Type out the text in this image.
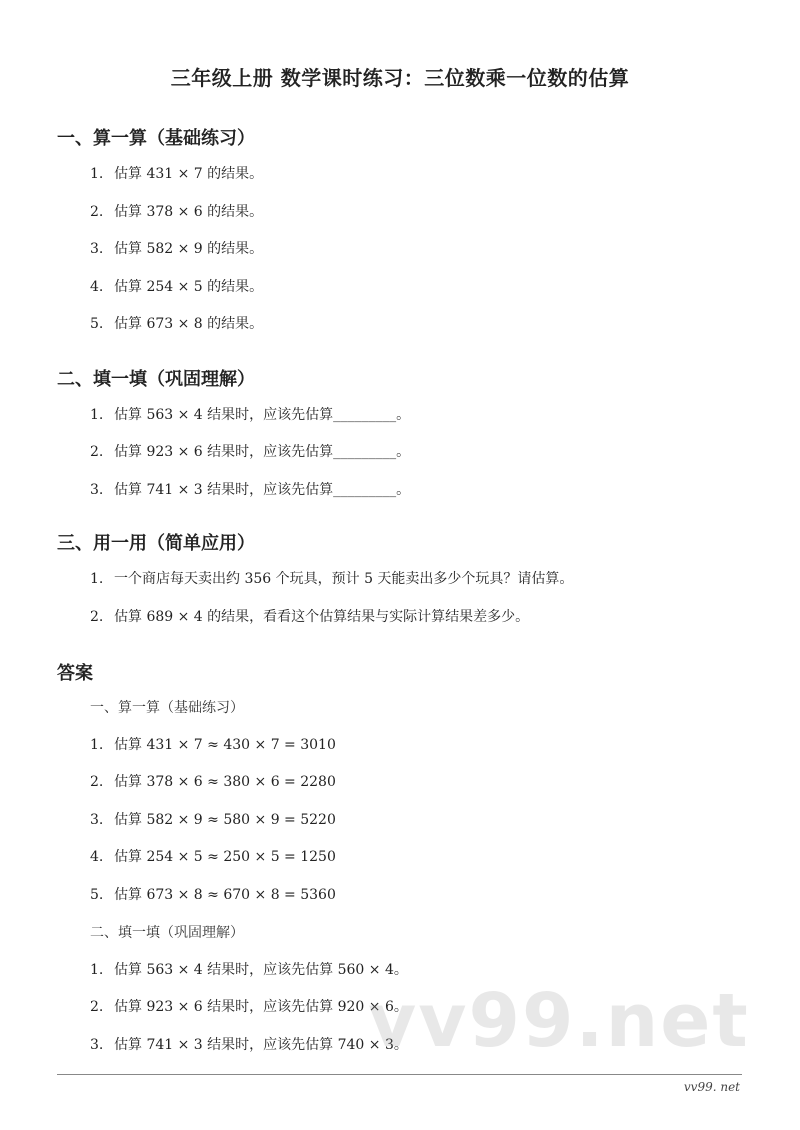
三年级上册 数学课时练习：三位数乘一位数的估算
一、算一算（基础练习）
1. 估算 431 × 7 的结果。
2. 估算 378 × 6 的结果。
3. 估算 582 × 9 的结果。
4. 估算 254 × 5 的结果。
5. 估算 673 × 8 的结果。
二、填一填（巩固理解）
1. 估算 563 × 4 结果时，应该先估算_________。
2. 估算 923 × 6 结果时，应该先估算_________。
3. 估算 741 × 3 结果时，应该先估算_________。
三、用一用（简单应用）
1. 一个商店每天卖出约 356 个玩具，预计 5 天能卖出多少个玩具？请估算。
2. 估算 689 × 4 的结果，看看这个估算结果与实际计算结果差多少。
答案
一、算一算（基础练习）
1. 估算 431 × 7 ≈ 430 × 7 = 3010
2. 估算 378 × 6 ≈ 380 × 6 = 2280
3. 估算 582 × 9 ≈ 580 × 9 = 5220
4. 估算 254 × 5 ≈ 250 × 5 = 1250
5. 估算 673 × 8 ≈ 670 × 8 = 5360
二、填一填（巩固理解）
1. 估算 563 × 4 结果时，应该先估算 560 × 4。
2. 估算 923 × 6 结果时，应该先估算 920 × 6。
3. 估算 741 × 3 结果时，应该先估算 740 × 3。
vv99.net
vv99. net
